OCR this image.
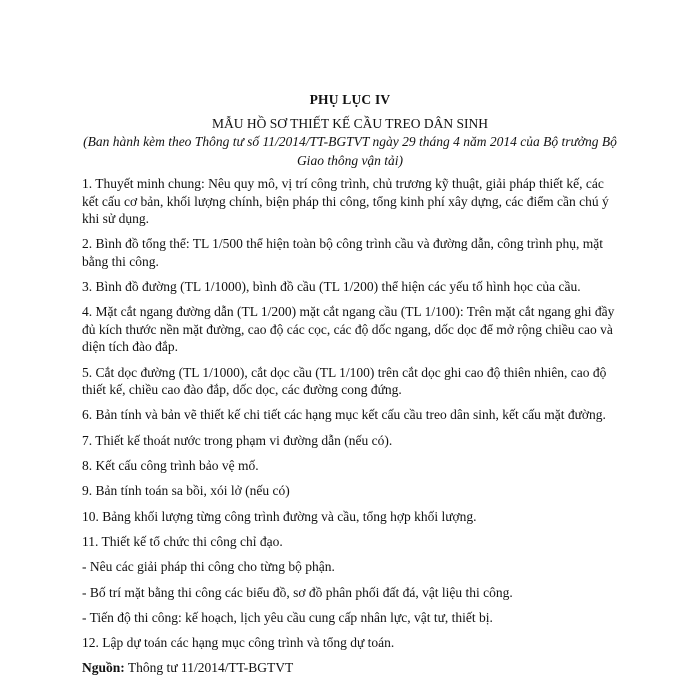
PHỤ LỤC IV
MẪU HỒ SƠ THIẾT KẾ CẦU TREO DÂN SINH
(Ban hành kèm theo Thông tư số 11/2014/TT-BGTVT ngày 29 tháng 4 năm 2014 của Bộ trưởng Bộ Giao thông vận tải)

1. Thuyết minh chung: Nêu quy mô, vị trí công trình, chủ trương kỹ thuật, giải pháp thiết kế, các kết cấu cơ bản, khối lượng chính, biện pháp thi công, tổng kinh phí xây dựng, các điểm cần chú ý khi sử dụng.

2. Bình đồ tổng thể: TL 1/500 thể hiện toàn bộ công trình cầu và đường dẫn, công trình phụ, mặt bằng thi công.

3. Bình đồ đường (TL 1/1000), bình đồ cầu (TL 1/200) thể hiện các yếu tố hình học của cầu.

4. Mặt cắt ngang đường dẫn (TL 1/200) mặt cắt ngang cầu (TL 1/100): Trên mặt cắt ngang ghi đầy đủ kích thước nền mặt đường, cao độ các cọc, các độ dốc ngang, dốc dọc để mở rộng chiều cao và diện tích đào đắp.

5. Cắt dọc đường (TL 1/1000), cắt dọc cầu (TL 1/100) trên cắt dọc ghi cao độ thiên nhiên, cao độ thiết kế, chiều cao đào đắp, dốc dọc, các đường cong đứng.

6. Bản tính và bản vẽ thiết kế chi tiết các hạng mục kết cấu cầu treo dân sinh, kết cấu mặt đường.

7. Thiết kế thoát nước trong phạm vi đường dẫn (nếu có).

8. Kết cấu công trình bảo vệ mố.

9. Bản tính toán sa bồi, xói lở (nếu có)

10. Bảng khối lượng từng công trình đường và cầu, tổng hợp khối lượng.

11. Thiết kế tổ chức thi công chỉ đạo.

- Nêu các giải pháp thi công cho từng bộ phận.

- Bố trí mặt bằng thi công các biểu đồ, sơ đồ phân phối đất đá, vật liệu thi công.

- Tiến độ thi công: kế hoạch, lịch yêu cầu cung cấp nhân lực, vật tư, thiết bị.

12. Lập dự toán các hạng mục công trình và tổng dự toán.

Nguồn: Thông tư 11/2014/TT-BGTVT
